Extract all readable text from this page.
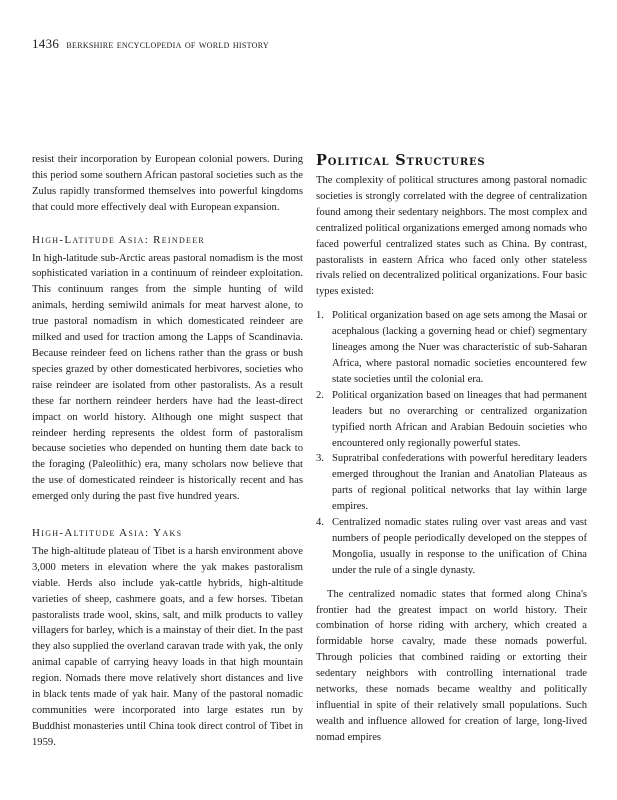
1436 berkshire encyclopedia of world history

resist their incorporation by European colonial powers. During this period some southern African pastoral societies such as the Zulus rapidly transformed themselves into powerful kingdoms that could more effectively deal with European expansion.

High-Latitude Asia: Reindeer

In high-latitude sub-Arctic areas pastoral nomadism is the most sophisticated variation in a continuum of reindeer exploitation. This continuum ranges from the simple hunting of wild animals, herding semiwild animals for meat harvest alone, to true pastoral nomadism in which domesticated reindeer are milked and used for traction among the Lapps of Scandinavia. Because reindeer feed on lichens rather than the grass or bush species grazed by other domesticated herbivores, societies who raise reindeer are isolated from other pastoralists. As a result these far northern reindeer herders have had the least-direct impact on world history. Although one might suspect that reindeer herding represents the oldest form of pastoralism because societies who depended on hunting them date back to the foraging (Paleolithic) era, many scholars now believe that the use of domesticated reindeer is historically recent and has emerged only during the past five hundred years.

High-Altitude Asia: Yaks

The high-altitude plateau of Tibet is a harsh environment above 3,000 meters in elevation where the yak makes pastoralism viable. Herds also include yak-cattle hybrids, high-altitude varieties of sheep, cashmere goats, and a few horses. Tibetan pastoralists trade wool, skins, salt, and milk products to valley villagers for barley, which is a mainstay of their diet. In the past they also supplied the overland caravan trade with yak, the only animal capable of carrying heavy loads in that high mountain region. Nomads there move relatively short distances and live in black tents made of yak hair. Many of the pastoral nomadic communities were incorporated into large estates run by Buddhist monasteries until China took direct control of Tibet in 1959.

Political Structures

The complexity of political structures among pastoral nomadic societies is strongly correlated with the degree of centralization found among their sedentary neighbors. The most complex and centralized political organizations emerged among nomads who faced powerful centralized states such as China. By contrast, pastoralists in eastern Africa who faced only other stateless rivals relied on decentralized political organizations. Four basic types existed:

1. Political organization based on age sets among the Masai or acephalous (lacking a governing head or chief) segmentary lineages among the Nuer was characteristic of sub-Saharan Africa, where pastoral nomadic societies encountered few state societies until the colonial era.
2. Political organization based on lineages that had permanent leaders but no overarching or centralized organization typified north African and Arabian Bedouin societies who encountered only regionally powerful states.
3. Supratribal confederations with powerful hereditary leaders emerged throughout the Iranian and Anatolian Plateaus as parts of regional political networks that lay within large empires.
4. Centralized nomadic states ruling over vast areas and vast numbers of people periodically developed on the steppes of Mongolia, usually in response to the unification of China under the rule of a single dynasty.

The centralized nomadic states that formed along China's frontier had the greatest impact on world history. Their combination of horse riding with archery, which created a formidable horse cavalry, made these nomads powerful. Through policies that combined raiding or extorting their sedentary neighbors with controlling international trade networks, these nomads became wealthy and politically influential in spite of their relatively small populations. Such wealth and influence allowed for creation of large, long-lived nomad empires
